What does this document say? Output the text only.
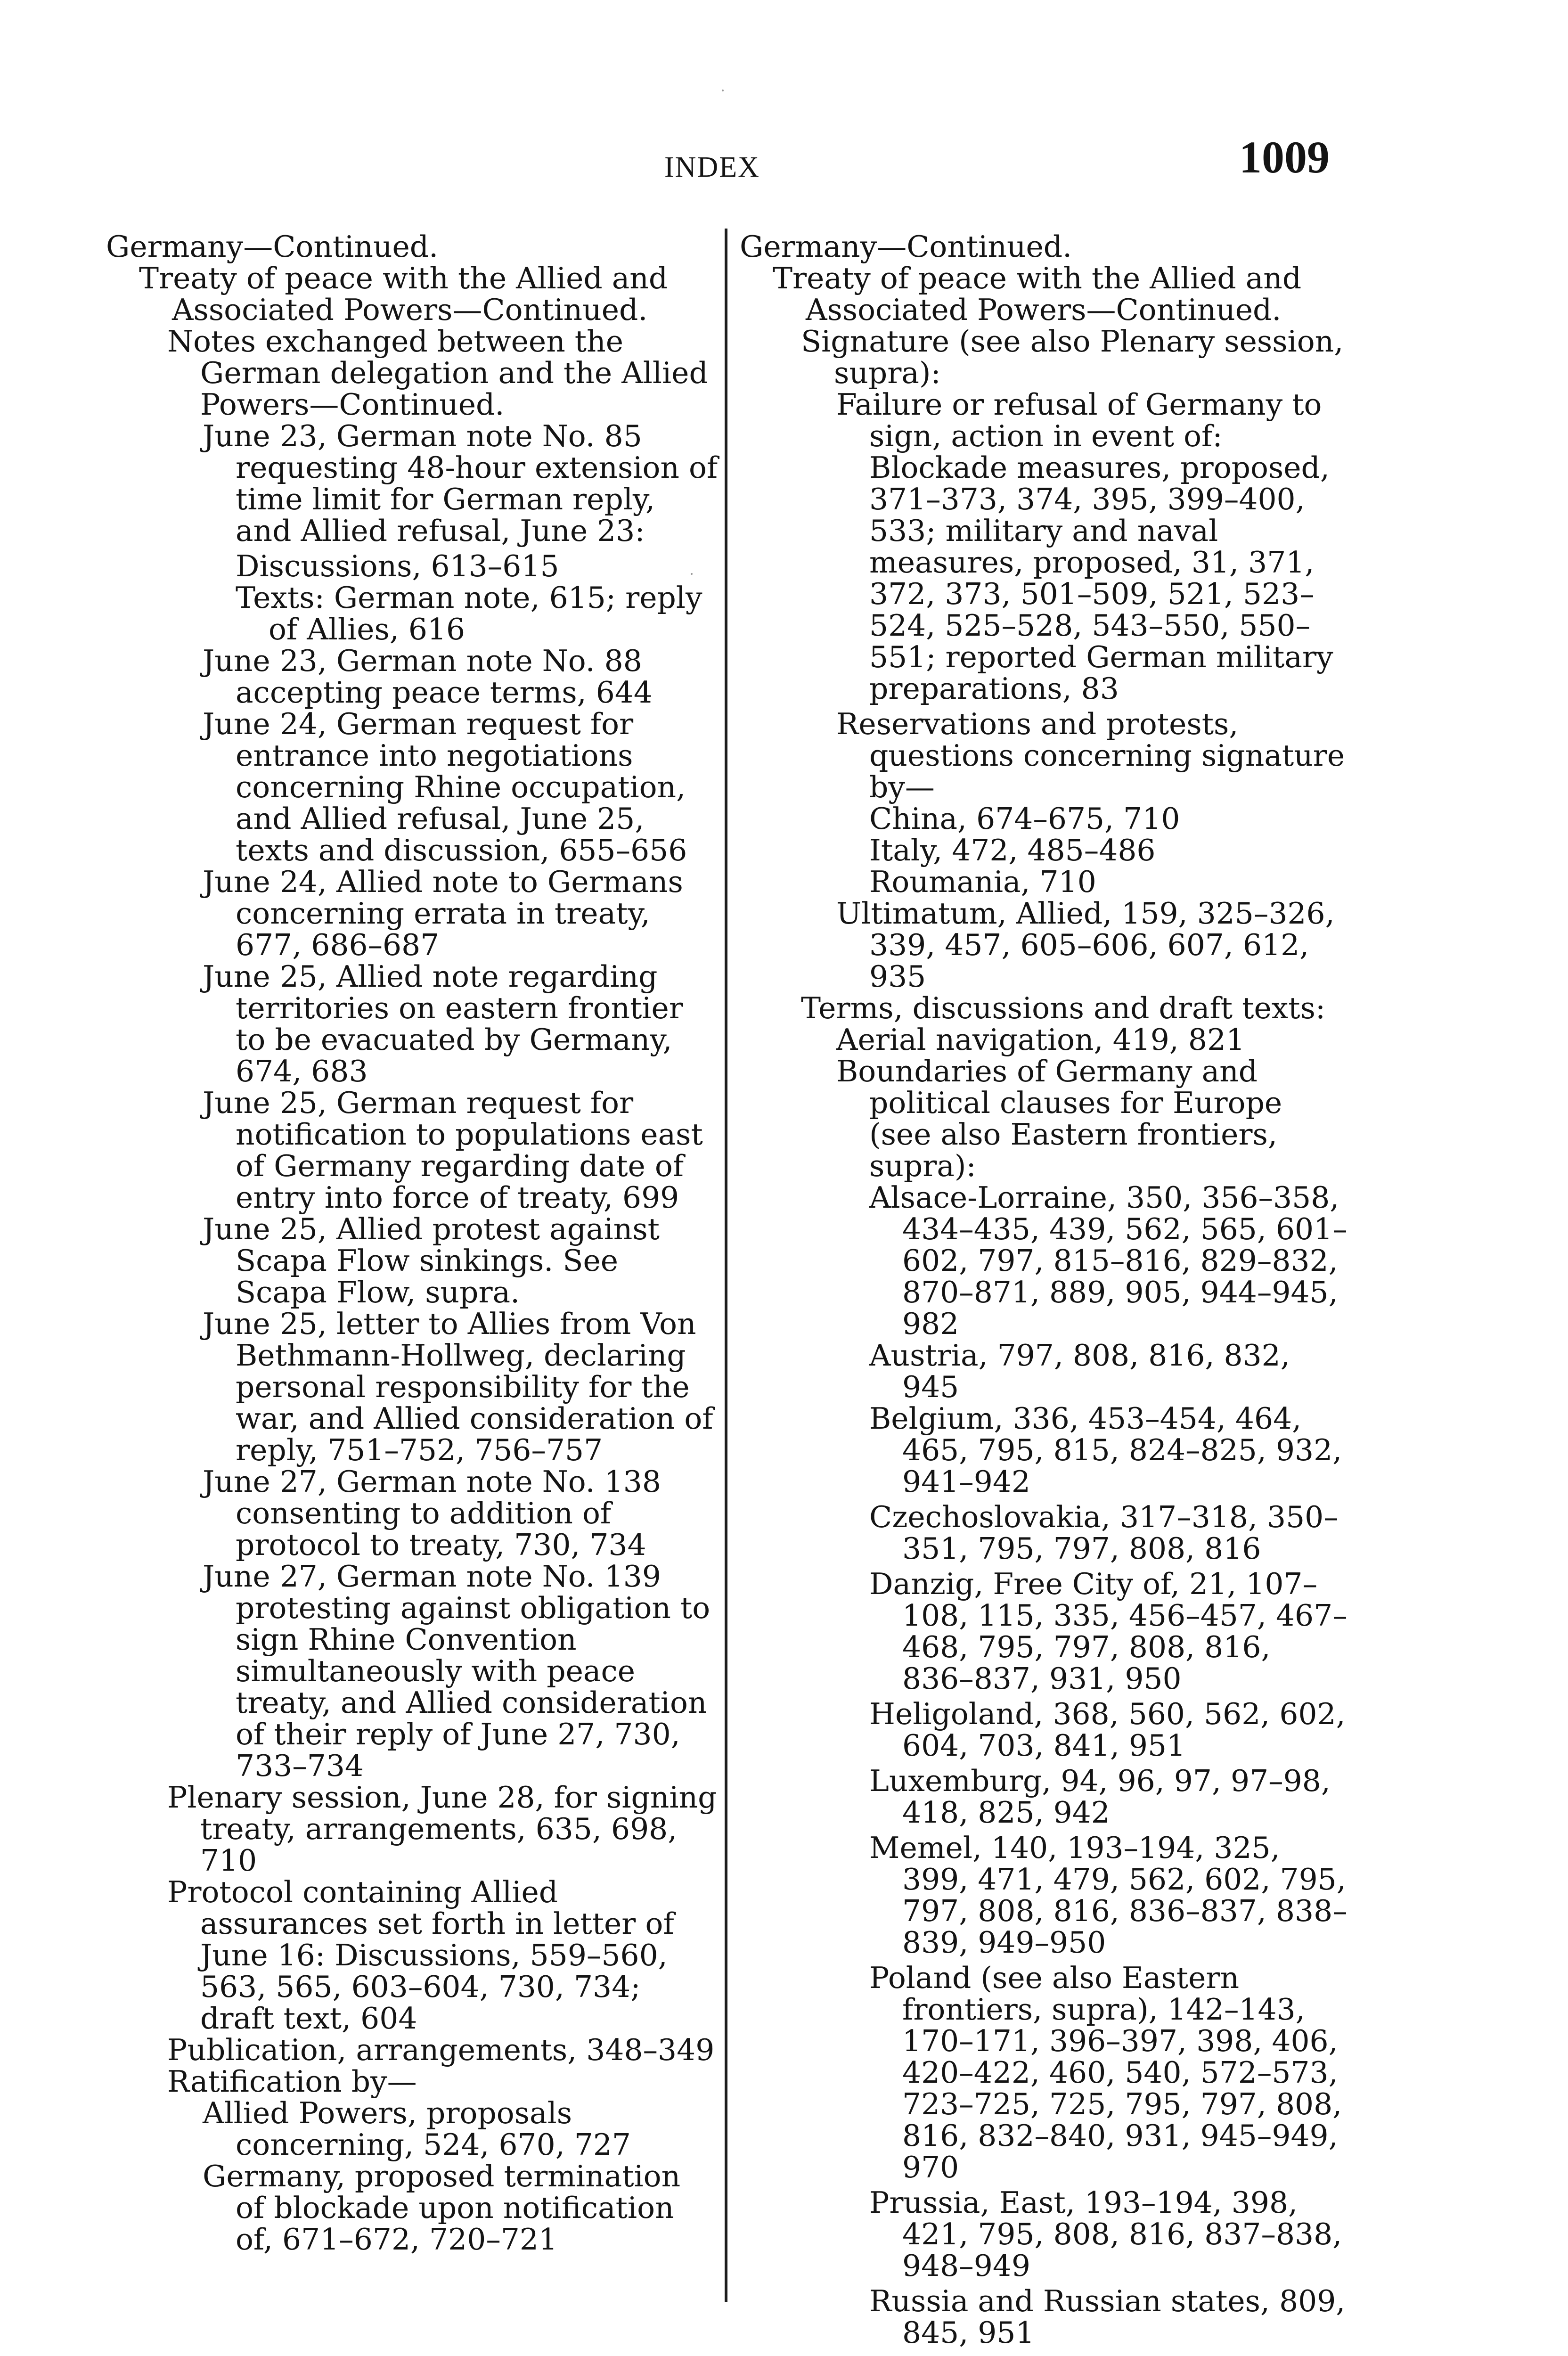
INDEX	1009

Germany—Continued.

Treaty of peace with the Allied and Associated Powers—Continued.

Notes exchanged between the German delegation and the Allied Powers—Continued.

June 23, German note No. 85 requesting 48-hour extension of time limit for German reply, and Allied refusal, June 23:

Discussions, 613–615

Texts: German note, 615; reply of Allies, 616

June 23, German note No. 88 accepting peace terms, 644

June 24, German request for entrance into negotiations concerning Rhine occupation, and Allied refusal, June 25, texts and discussion, 655–656

June 24, Allied note to Germans concerning errata in treaty, 677, 686–687

June 25, Allied note regarding territories on eastern frontier to be evacuated by Germany, 674, 683

June 25, German request for notification to populations east of Germany regarding date of entry into force of treaty, 699

June 25, Allied protest against Scapa Flow sinkings. See Scapa Flow, supra.

June 25, letter to Allies from Von Bethmann-Hollweg, declaring personal responsibility for the war, and Allied consideration of reply, 751–752, 756–757

June 27, German note No. 138 consenting to addition of protocol to treaty, 730, 734

June 27, German note No. 139 protesting against obligation to sign Rhine Convention simultaneously with peace treaty, and Allied consideration of their reply of June 27, 730, 733–734

Plenary session, June 28, for signing treaty, arrangements, 635, 698, 710

Protocol containing Allied assurances set forth in letter of June 16: Discussions, 559–560, 563, 565, 603–604, 730, 734; draft text, 604

Publication, arrangements, 348–349

Ratification by—

Allied Powers, proposals concerning, 524, 670, 727

Germany, proposed termination of blockade upon notification of, 671–672, 720–721

Germany—Continued.

Treaty of peace with the Allied and Associated Powers—Continued.

Signature (see also Plenary session, supra):

Failure or refusal of Germany to sign, action in event of: Blockade measures, proposed, 371–373, 374, 395, 399–400, 533; military and naval measures, proposed, 31, 371, 372, 373, 501–509, 521, 523–524, 525–528, 543–550, 550–551; reported German military preparations, 83

Reservations and protests, questions concerning signature by—

China, 674–675, 710

Italy, 472, 485–486

Roumania, 710

Ultimatum, Allied, 159, 325–326, 339, 457, 605–606, 607, 612, 935

Terms, discussions and draft texts:

Aerial navigation, 419, 821

Boundaries of Germany and political clauses for Europe (see also Eastern frontiers, supra):

Alsace-Lorraine, 350, 356–358, 434–435, 439, 562, 565, 601–602, 797, 815–816, 829–832, 870–871, 889, 905, 944–945, 982

Austria, 797, 808, 816, 832, 945

Belgium, 336, 453–454, 464, 465, 795, 815, 824–825, 932, 941–942

Czechoslovakia, 317–318, 350–351, 795, 797, 808, 816

Danzig, Free City of, 21, 107–108, 115, 335, 456–457, 467–468, 795, 797, 808, 816, 836–837, 931, 950

Heligoland, 368, 560, 562, 602, 604, 703, 841, 951

Luxemburg, 94, 96, 97, 97–98, 418, 825, 942

Memel, 140, 193–194, 325, 399, 471, 479, 562, 602, 795, 797, 808, 816, 836–837, 838–839, 949–950

Poland (see also Eastern frontiers, supra), 142–143, 170–171, 396–397, 398, 406, 420–422, 460, 540, 572–573, 723–725, 725, 795, 797, 808, 816, 832–840, 931, 945–949, 970

Prussia, East, 193–194, 398, 421, 795, 808, 816, 837–838, 948–949

Russia and Russian states, 809, 845, 951
